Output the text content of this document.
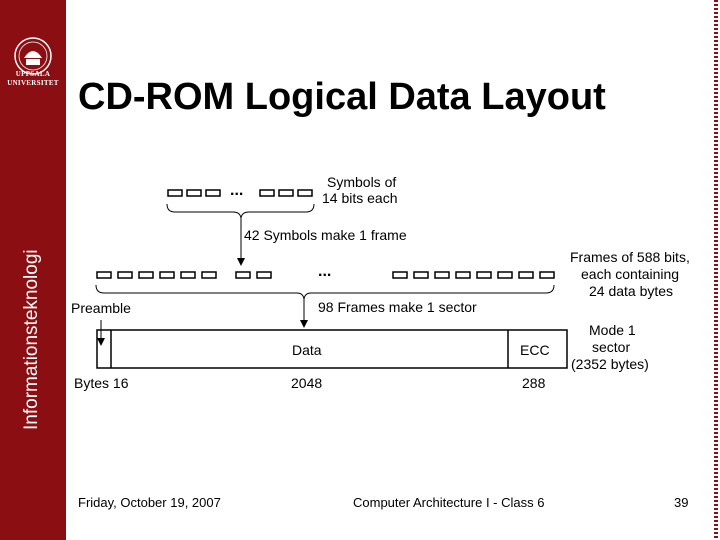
UPPSALA
UNIVERSITET
Informationsteknologi
CD-ROM Logical Data Layout
...	Symbols of
14 bits each
42 Symbols make 1 frame
...
Frames of 588 bits,
each containing
24 data bytes
98 Frames make 1 sector
Preamble
Data	ECC
Mode 1
sector
(2352 bytes)
Bytes 16	2048	288
Friday, October 19, 2007	Computer Architecture I - Class 6	39
